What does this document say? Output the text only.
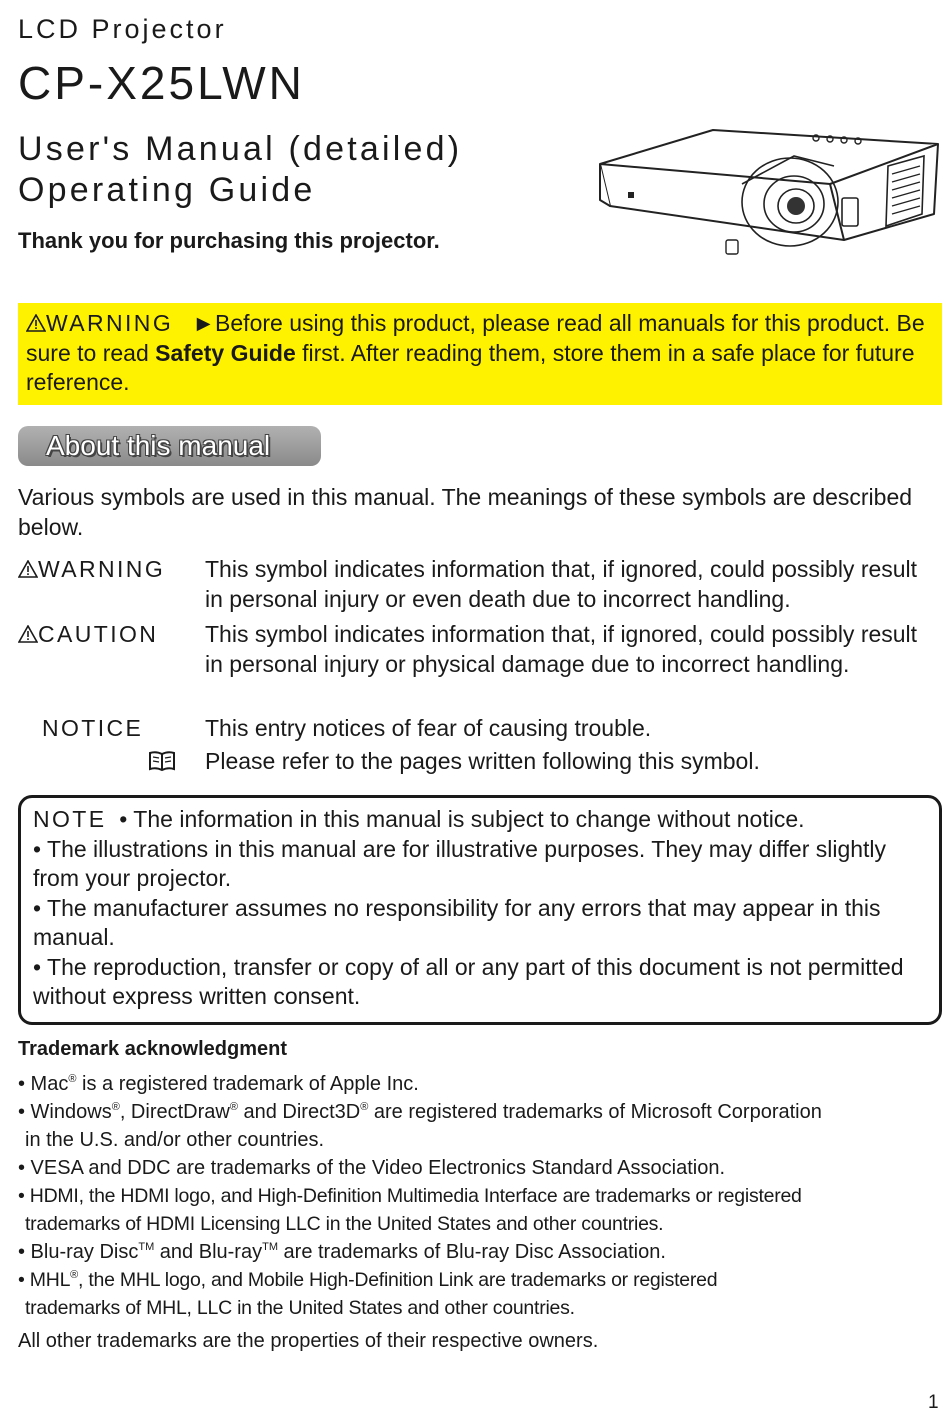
LCD Projector
CP-X25LWN
User's Manual (detailed)
Operating Guide
Thank you for purchasing this projector.
WARNING ►Before using this product, please read all manuals for this product. Be sure to read Safety Guide first. After reading them, store them in a safe place for future reference.
About this manual
Various symbols are used in this manual. The meanings of these symbols are described below.
WARNING This symbol indicates information that, if ignored, could possibly result in personal injury or even death due to incorrect handling.
CAUTION This symbol indicates information that, if ignored, could possibly result in personal injury or physical damage due to incorrect handling.
NOTICE	This entry notices of fear of causing trouble.
Please refer to the pages written following this symbol.
NOTE • The information in this manual is subject to change without notice.
• The illustrations in this manual are for illustrative purposes. They may differ slightly from your projector.
• The manufacturer assumes no responsibility for any errors that may appear in this manual.
• The reproduction, transfer or copy of all or any part of this document is not permitted without express written consent.
Trademark acknowledgment
• Mac® is a registered trademark of Apple Inc.
• Windows®, DirectDraw® and Direct3D® are registered trademarks of Microsoft Corporation
in the U.S. and/or other countries.
• VESA and DDC are trademarks of the Video Electronics Standard Association.
• HDMI, the HDMI logo, and High-Definition Multimedia Interface are trademarks or registered
trademarks of HDMI Licensing LLC in the United States and other countries.
• Blu-ray Disc™ and Blu-ray™ are trademarks of Blu-ray Disc Association.
• MHL®, the MHL logo, and Mobile High-Definition Link are trademarks or registered
trademarks of MHL, LLC in the United States and other countries.
All other trademarks are the properties of their respective owners.
1
